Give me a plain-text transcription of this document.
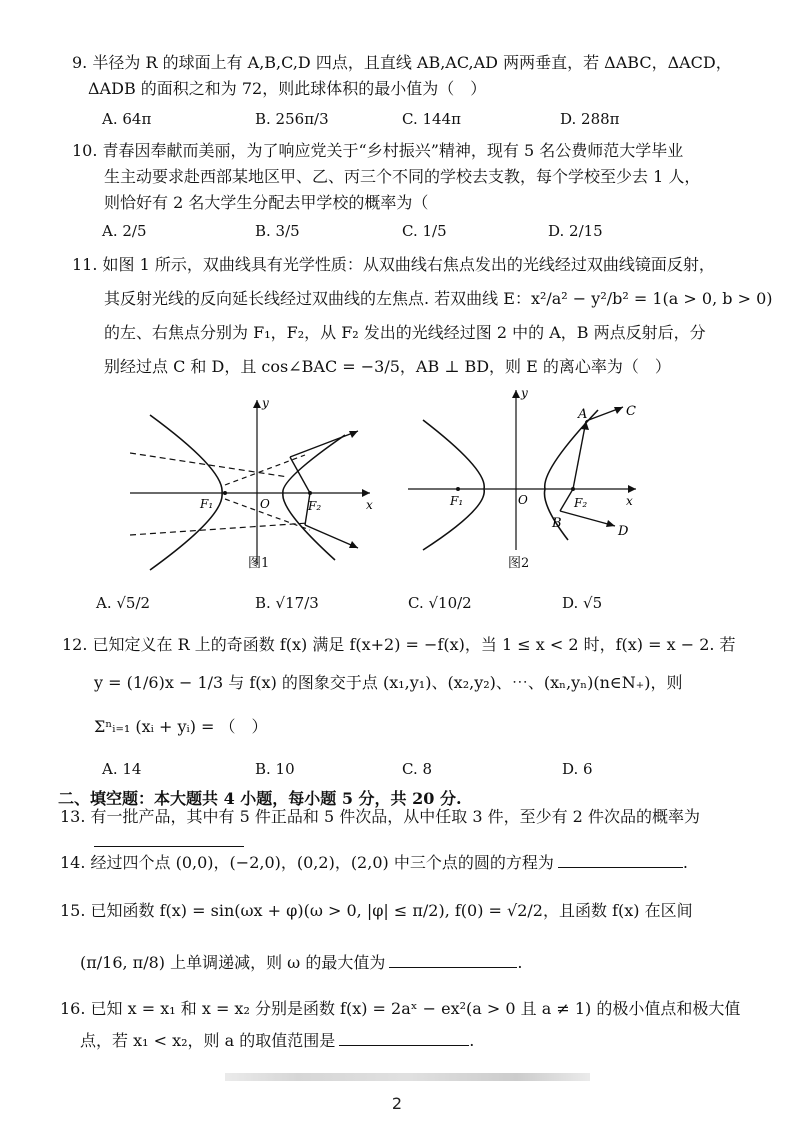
9. 半径为 R 的球面上有 A,B,C,D 四点，且直线 AB,AC,AD 两两垂直，若 ΔABC，ΔACD，
ΔADB 的面积之和为 72，则此球体积的最小值为（　）
A. 64π	B. 256π/3	C. 144π	D. 288π
10. 青春因奉献而美丽，为了响应党关于“乡村振兴”精神，现有 5 名公费师范大学毕业
生主动要求赴西部某地区甲、乙、丙三个不同的学校去支教，每个学校至少去 1 人，
则恰好有 2 名大学生分配去甲学校的概率为（
A. 2/5	B. 3/5	C. 1/5	D. 2/15
11. 如图 1 所示，双曲线具有光学性质：从双曲线右焦点发出的光线经过双曲线镜面反射，
其反射光线的反向延长线经过双曲线的左焦点. 若双曲线 E：x²/a² − y²/b² = 1(a > 0, b > 0)
的左、右焦点分别为 F₁，F₂，从 F₂ 发出的光线经过图 2 中的 A，B 两点反射后，分
别经过点 C 和 D，且 cos∠BAC = −3/5，AB ⊥ BD，则 E 的离心率为（　）
y
x
O
F₁	F₂
图1
y
x
O
F₁	F₂
A
B
C
D
图2
A. √5/2	B. √17/3	C. √10/2	D. √5
12. 已知定义在 R 上的奇函数 f(x) 满足 f(x+2) = −f(x)，当 1 ≤ x < 2 时，f(x) = x − 2. 若
y = (1/6)x − 1/3 与 f(x) 的图象交于点 (x₁,y₁)、(x₂,y₂)、⋯、(xₙ,yₙ)(n∈N₊)，则
Σⁿᵢ₌₁ (xᵢ + yᵢ) = （　）
A. 14	B. 10	C. 8	D. 6
二、填空题：本大题共 4 小题，每小题 5 分，共 20 分.
13. 有一批产品，其中有 5 件正品和 5 件次品，从中任取 3 件，至少有 2 件次品的概率为
14. 经过四个点 (0,0)，(−2,0)，(0,2)，(2,0) 中三个点的圆的方程为	.
15. 已知函数 f(x) = sin(ωx + φ)(ω > 0, |φ| ≤ π/2), f(0) = √2/2，且函数 f(x) 在区间
(π/16, π/8) 上单调递减，则 ω 的最大值为	.
16. 已知 x = x₁ 和 x = x₂ 分别是函数 f(x) = 2aˣ − ex²(a > 0 且 a ≠ 1) 的极小值点和极大值
点，若 x₁ < x₂，则 a 的取值范围是	.
2
